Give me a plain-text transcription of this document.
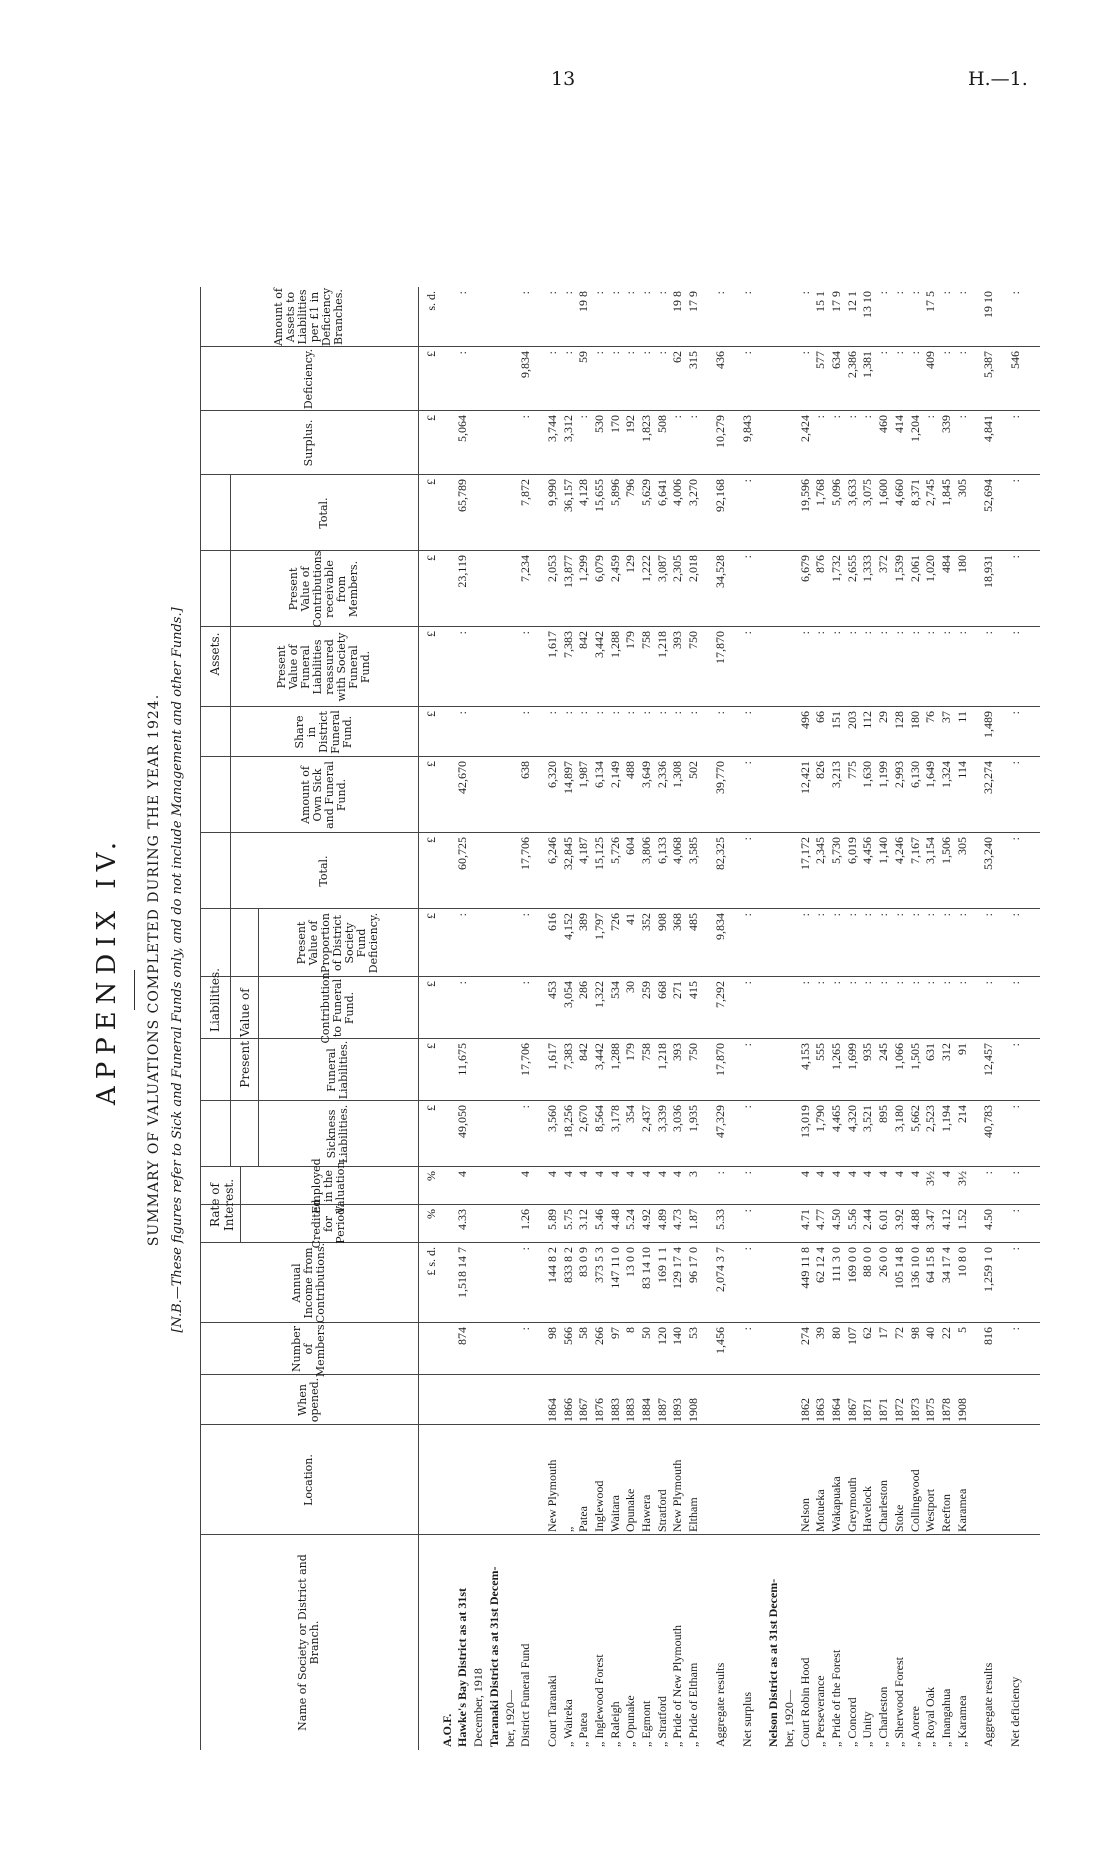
13	H.—1.
APPENDIX IV. SUMMARY OF VALUATIONS COMPLETED DURING THE YEAR 1924. [N.B.—These figures refer to Sick and Funeral Funds only, and do not include Management and other Funds.] Rate of Interest.
Liabilities. Present Value of
Assets.
Name of Society or District and Branch.
Location.
When opened.
Number of Members.
Annual Income from Contributions.
Credited for Period.
Employed in the Valuation.
Sickness Liabilities.
Funeral Liabilities.
Contribution to Funeral Fund.
Present Value of Proportion of District Society Fund Deficiency.
Total.
Amount of Own Sick and Funeral Fund.
Share in District Funeral Fund.
Present Value of Funeral Liabilities reassured with Society Funeral Fund.
Present Value of Contributions receivable from Members.
Total.
Surplus.
Deficiency.
Amount of Assets to Liabilities per £1 in Deficiency Branches.
£ s. d.
%
%
£
£
£
£
£
£
£
£
£
£
£
£
s. d.
A.O.F. Hawke's Bay District as at 31st
874
1,518 14 7
4.33
4
49,050
11,675
:
:
60,725
42,670
:
:
23,119
65,789
5,064
:
:
December, 1918 Taranaki District as at 31st Decem- ber, 1920— District Funeral Fund
:
:
1.26
4
:
17,706
:
:
17,706
638
:
:
7,234
7,872
:
9,834
:
Court Taranaki
New Plymouth
1864
98
144 8 2
5.89
4
3,560
1,617
453
616
6,246
6,320
:
1,617
2,053
9,990
3,744
:
:
„ Waireka
„
1866
566
833 8 2
5.75
4
18,256
7,383
3,054
4,152
32,845
14,897
:
7,383
13,877
36,157
3,312
:
:
„ Patea
Patea
1867
58
83 0 9
3.12
4
2,670
842
286
389
4,187
1,987
:
842
1,299
4,128
:
59
19 8
„ Inglewood Forest
Inglewood
1876
266
373 5 3
5.46
4
8,564
3,442
1,322
1,797
15,125
6,134
:
3,442
6,079
15,655
530
:
:
„ Raleigh
Waitara
1883
97
147 11 0
4.48
4
3,178
1,288
534
726
5,726
2,149
:
1,288
2,459
5,896
170
:
:
„ Opunake
Opunake
1883
8
13 0 0
5.24
4
354
179
30
41
604
488
:
179
129
796
192
:
:
„ Egmont
Hawera
1884
50
83 14 10
4.92
4
2,437
758
259
352
3,806
3,649
:
758
1,222
5,629
1,823
:
:
„ Stratford
Stratford
1887
120
169 1 1
4.89
4
3,339
1,218
668
908
6,133
2,336
:
1,218
3,087
6,641
508
:
:
„ Pride of New Plymouth
New Plymouth
1893
140
129 17 4
4.73
4
3,036
393
271
368
4,068
1,308
:
393
2,305
4,006
:
62
19 8
„ Pride of Eltham
Eltham
1908
53
96 17 0
1.87
3
1,935
750
415
485
3,585
502
:
750
2,018
3,270
:
315
17 9
Aggregate results
1,456
2,074 3 7
5.33
:
47,329
17,870
7,292
9,834
82,325
39,770
:
17,870
34,528
92,168
10,279
436
:
Net surplus
:
:
:
:
:
:
:
:
:
:
:
:
:
:
9,843
:
:
Nelson District as at 31st Decem- ber, 1920— Court Robin Hood
Nelson
1862
274
449 11 8
4.71
4
13,019
4,153
:
:
17,172
12,421
496
:
6,679
19,596
2,424
:
:
„ Perseverance
Motueka
1863
39
62 12 4
4.77
4
1,790
555
:
:
2,345
826
66
:
876
1,768
:
577
15 1
„ Pride of the Forest
Wakapuaka
1864
80
111 3 0
4.50
4
4,465
1,265
:
:
5,730
3,213
151
:
1,732
5,096
:
634
17 9
„ Concord
Greymouth
1867
107
169 0 0
5.56
4
4,320
1,699
:
:
6,019
775
203
:
2,655
3,633
:
2,386
12 1
„ Unity
Havelock
1871
62
88 0 0
2.44
4
3,521
935
:
:
4,456
1,630
112
:
1,333
3,075
:
1,381
13 10
„ Charleston
Charleston
1871
17
26 0 0
6.01
4
895
245
:
:
1,140
1,199
29
:
372
1,600
460
:
:
„ Sherwood Forest
Stoke
1872
72
105 14 8
3.92
4
3,180
1,066
:
:
4,246
2,993
128
:
1,539
4,660
414
:
:
„ Aorere
Collingwood
1873
98
136 10 0
4.88
4
5,662
1,505
:
:
7,167
6,130
180
:
2,061
8,371
1,204
:
:
„ Royal Oak
Westport
1875
40
64 15 8
3.47
3½
2,523
631
:
:
3,154
1,649
76
:
1,020
2,745
:
409
17 5
„ Inangahua
Reefton
1878
22
34 17 4
4.12
4
1,194
312
:
:
1,506
1,324
37
:
484
1,845
339
:
:
„ Karamea
Karamea
1908
5
10 8 0
1.52
3½
214
91
:
:
305
114
11
:
180
305
:
:
:
Aggregate results
816
1,259 1 0
4.50
:
40,783
12,457
:
:
53,240
32,274
1,489
:
18,931
52,694
4,841
5,387
19 10
Net deficiency
:
:
:
:
:
:
:
:
:
:
:
:
:
:
:
546
:
